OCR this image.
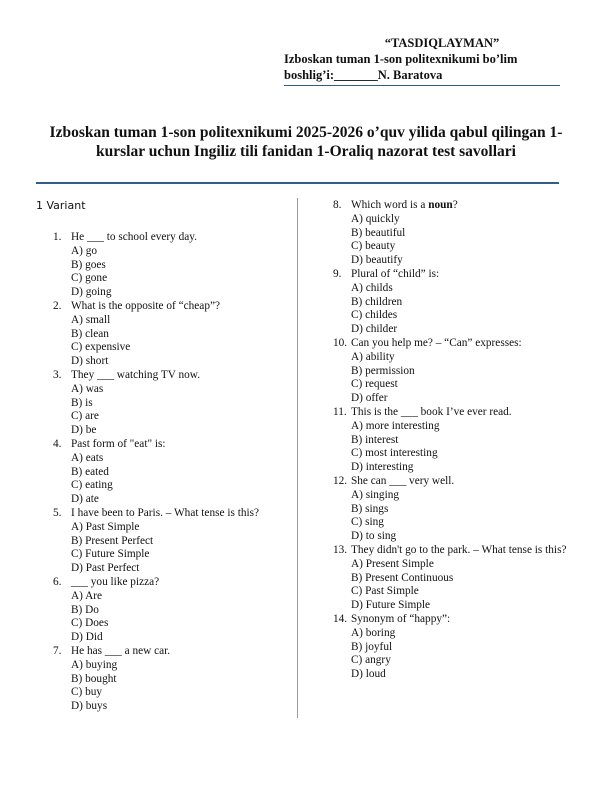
“TASDIQLAYMAN”
Izboskan tuman 1-son politexnikumi bo’lim
boshlig’i:_______N. Baratova
Izboskan tuman 1-son politexnikumi 2025-2026 o’quv yilida qabul qilingan 1-kurslar uchun Ingiliz tili fanidan 1-Oraliq nazorat test savollari
1 Variant
1. He ___ to school every day.
A) go
B) goes
C) gone
D) going
2. What is the opposite of “cheap”?
A) small
B) clean
C) expensive
D) short
3. They ___ watching TV now.
A) was
B) is
C) are
D) be
4. Past form of "eat" is:
A) eats
B) eated
C) eating
D) ate
5. I have been to Paris. – What tense is this?
A) Past Simple
B) Present Perfect
C) Future Simple
D) Past Perfect
6. ___ you like pizza?
A) Are
B) Do
C) Does
D) Did
7. He has ___ a new car.
A) buying
B) bought
C) buy
D) buys
8. Which word is a noun?
A) quickly
B) beautiful
C) beauty
D) beautify
9. Plural of “child” is:
A) childs
B) children
C) childes
D) childer
10. Can you help me? – “Can” expresses:
A) ability
B) permission
C) request
D) offer
11. This is the ___ book I’ve ever read.
A) more interesting
B) interest
C) most interesting
D) interesting
12. She can ___ very well.
A) singing
B) sings
C) sing
D) to sing
13. They didn't go to the park. – What tense is this?
A) Present Simple
B) Present Continuous
C) Past Simple
D) Future Simple
14. Synonym of “happy”:
A) boring
B) joyful
C) angry
D) loud
